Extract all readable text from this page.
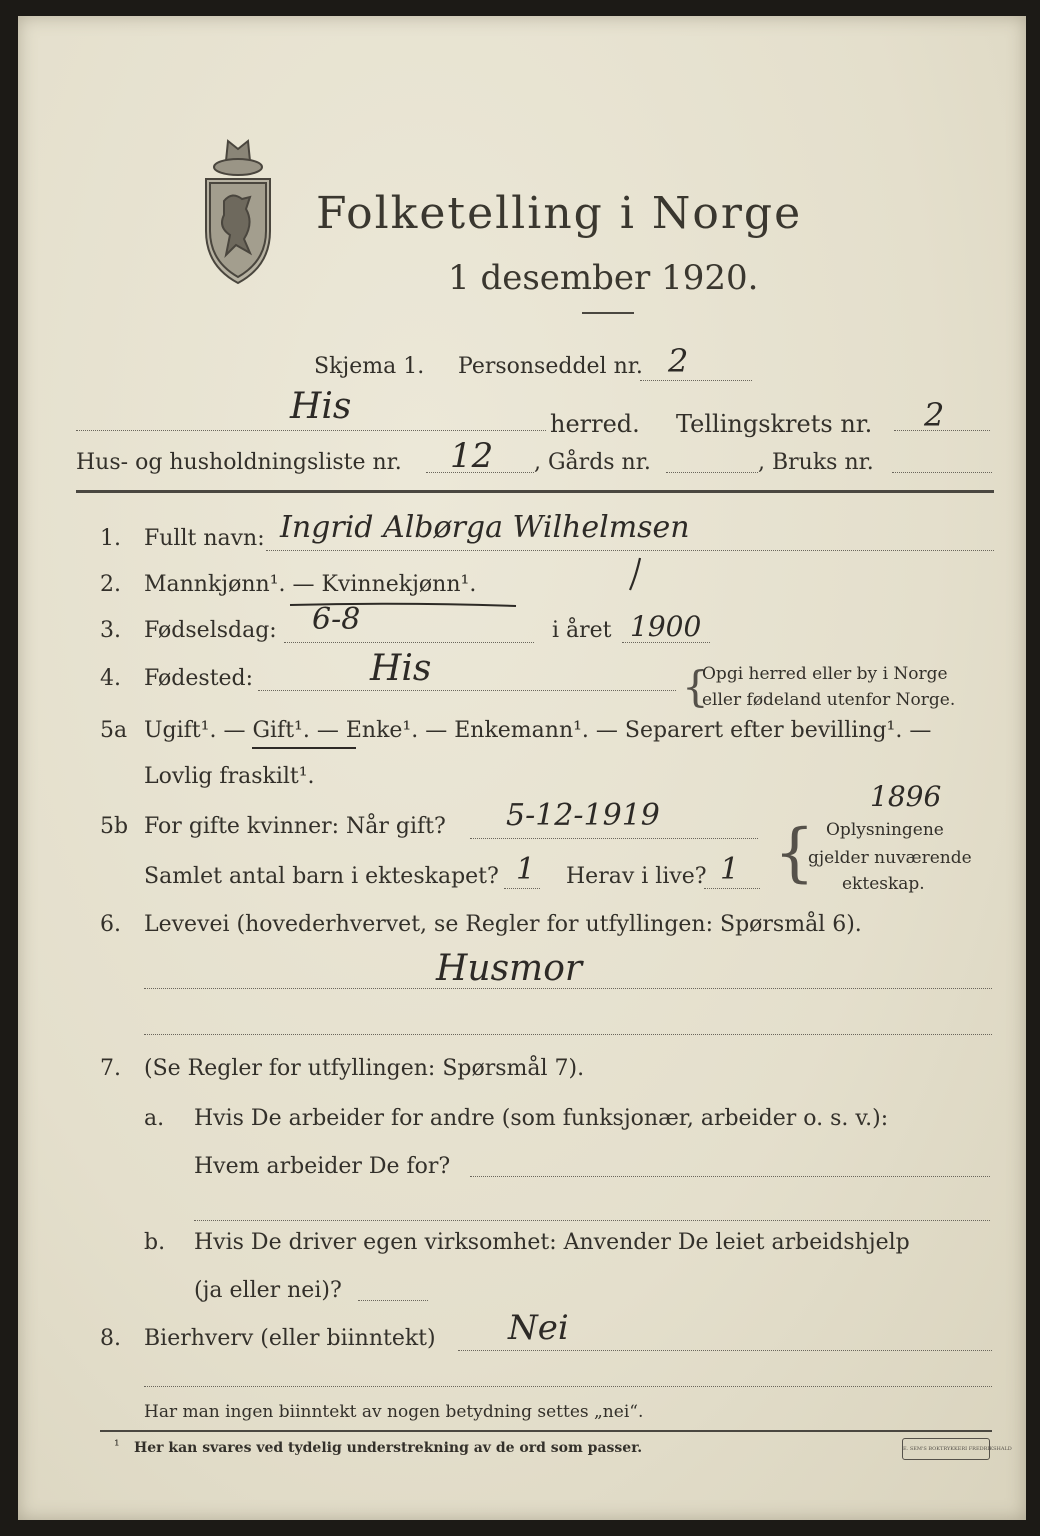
Folketelling i Norge
1 desember 1920.
Skjema 1. Personseddel nr. 2
His	herred. Tellingskrets nr. 2
Hus- og husholdningsliste nr. 12 , Gårds nr.	, Bruks nr.
1. Fullt navn: Ingrid Albørga Wilhelmsen
2. Mannkjønn¹. — Kvinnekjønn¹.
3. Fødselsdag: 6-8	i året 1900
4. Fødested:	His	{
Opgi herred eller by i Norge
eller fødeland utenfor Norge.
5a Ugift¹. — Gift¹. — Enke¹. — Enkemann¹. — Separert efter bevilling¹. —
Lovlig fraskilt¹.
1896
5b For gifte kvinner: Når gift? 5-12-1919
Samlet antal barn i ekteskapet? 1 Herav i live? 1 { Oplysningene
gjelder nuværende
ekteskap.
6. Levevei (hovederhvervet, se Regler for utfyllingen: Spørsmål 6).
Husmor
7. (Se Regler for utfyllingen: Spørsmål 7).
a. Hvis De arbeider for andre (som funksjonær, arbeider o. s. v.):
Hvem arbeider De for?
b. Hvis De driver egen virksomhet: Anvender De leiet arbeidshjelp
(ja eller nei)?
8. Bierhverv (eller biinntekt) Nei
Har man ingen biinntekt av nogen betydning settes „nei“.
¹ Her kan svares ved tydelig understrekning av de ord som passer.	E. SEM'S BOKTRYKKERI FREDRIKSHALD
